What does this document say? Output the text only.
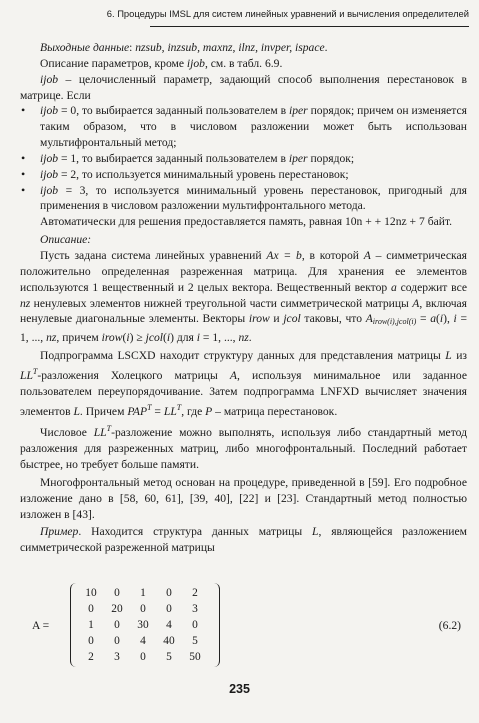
6. Процедуры IMSL для систем линейных уравнений и вычисления определителей

Выходные данные: nzsub, inzsub, maxnz, ilnz, invper, ispace.

Описание параметров, кроме ijob, см. в табл. 6.9.

ijob – целочисленный параметр, задающий способ выполнения перестановок в матрице. Если

• ijob = 0, то выбирается заданный пользователем в iper порядок; причем он изменяется таким образом, что в числовом разложении может быть использован мультифронтальный метод;
• ijob = 1, то выбирается заданный пользователем в iper порядок;
• ijob = 2, то используется минимальный уровень перестановок;
• ijob = 3, то используется минимальный уровень перестановок, пригодный для применения в числовом разложении мультифронтального метода.

Автоматически для решения предоставляется память, равная 10n + + 12nz + 7 байт.

Описание:

Пусть задана система линейных уравнений Ax = b, в которой A – симметрическая положительно определенная разреженная матрица. Для хранения ее элементов используются 1 вещественный и 2 целых вектора. Вещественный вектор a содержит все nz ненулевых элементов нижней треугольной части симметрической матрицы A, включая ненулевые диагональные элементы. Векторы irow и jcol таковы, что $A_{irow(i),jcol(i)} = a(i)$, i = 1, ..., nz, причем irow(i) ≥ jcol(i) для i = 1, ..., nz.

Подпрограмма LSCXD находит структуру данных для представления матрицы L из $LL^T$-разложения Холецкого матрицы A, используя минимальное или заданное пользователем переупорядочивание. Затем подпрограмма LNFXD вычисляет значения элементов L. Причем $PAP^T = LL^T$, где P – матрица перестановок.

Числовое $LL^T$-разложение можно выполнять, используя либо стандартный метод разложения для разреженных матриц, либо многофронтальный. Последний работает быстрее, но требует больше памяти.

Многофронтальный метод основан на процедуре, приведенной в [59]. Его подробное изложение дано в [58, 60, 61], [39, 40], [22] и [23]. Стандартный метод полностью изложен в [43].

Пример. Находится структура данных матрицы L, являющейся разложением симметрической разреженной матрицы

A =
10	0	1	0	2
0	20	0	0	3
1	0	30	4	0
0	0	4	40	5
2	3	0	5	50
(6.2)
235
